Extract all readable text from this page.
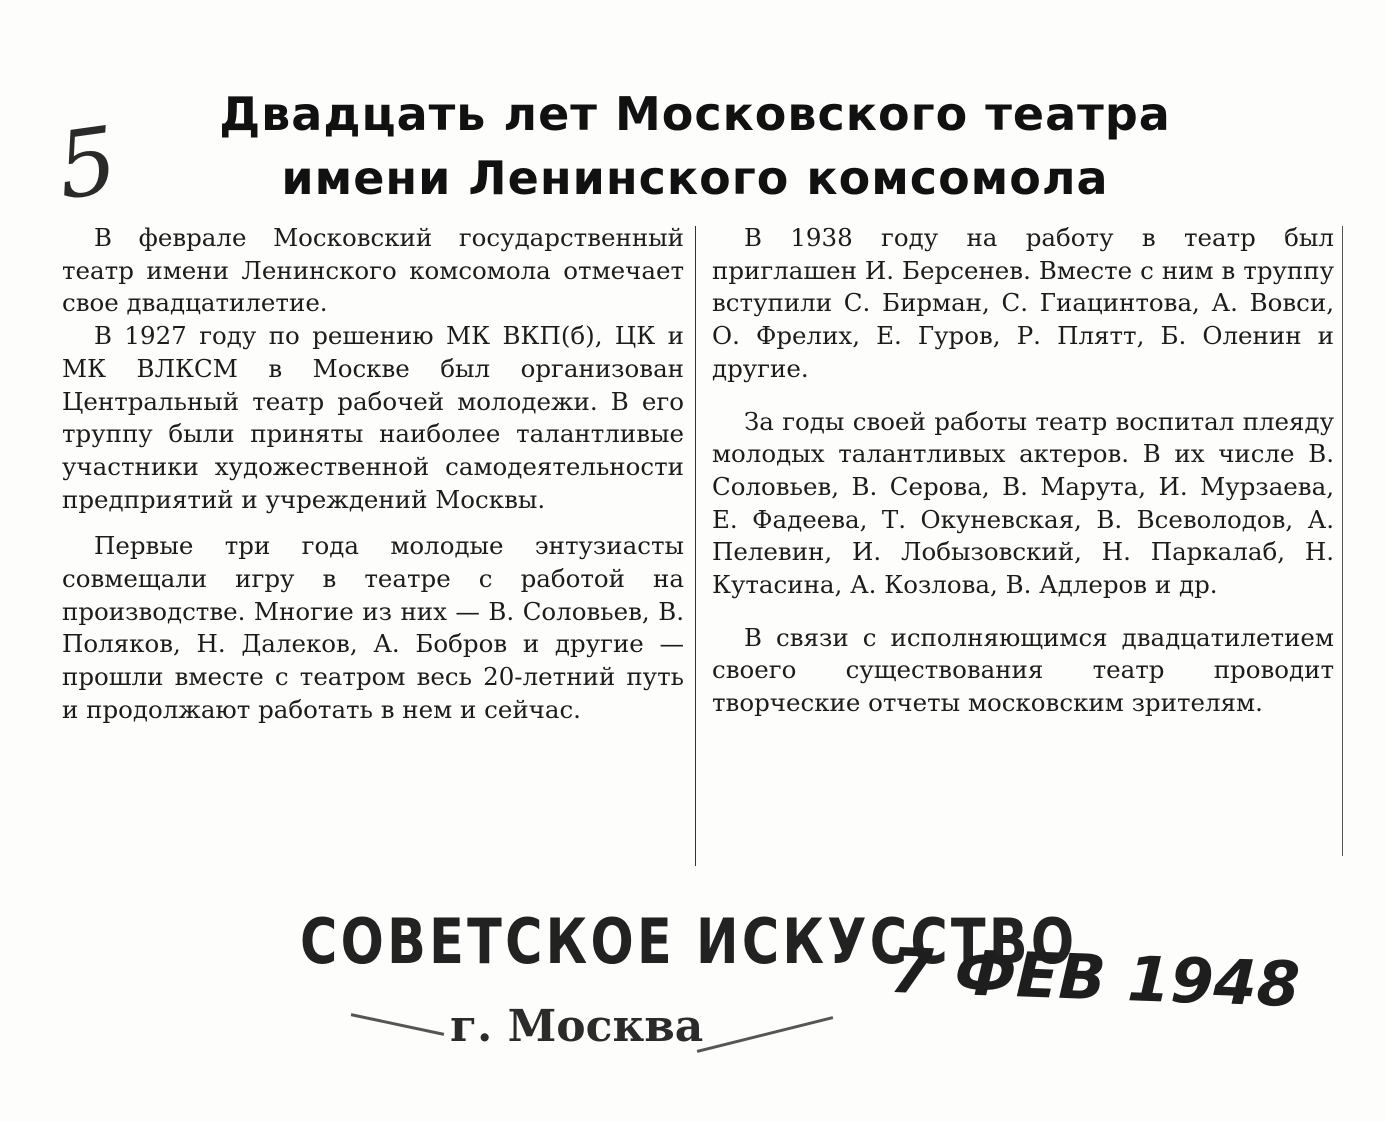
5	Двадцать лет Московского театра
имени Ленинского комсомола

В феврале Московский государственный театр имени Ленинского комсомола отмечает свое двадцатилетие.

В 1927 году по решению МК ВКП(б), ЦК и МК ВЛКСМ в Москве был организован Центральный театр рабочей молодежи. В его труппу были приняты наиболее талантливые участники художественной самодеятельности предприятий и учреждений Москвы.

Первые три года молодые энтузиасты совмещали игру в театре с работой на производстве. Многие из них — В. Соловьев, В. Поляков, Н. Далеков, А. Бобров и другие — прошли вместе с театром весь 20-летний путь и продолжают работать в нем и сейчас.

В 1938 году на работу в театр был приглашен И. Берсенев. Вместе с ним в труппу вступили С. Бирман, С. Гиацинтова, А. Вовси, О. Фрелих, Е. Гуров, Р. Плятт, Б. Оленин и другие.

За годы своей работы театр воспитал плеяду молодых талантливых актеров. В их числе В. Соловьев, В. Серова, В. Марута, И. Мурзаева, Е. Фадеева, Т. Окуневская, В. Всеволодов, А. Пелевин, И. Лобызовский, Н. Паркалаб, Н. Кутасина, А. Козлова, В. Адлеров и др.

В связи с исполняющимся двадцатилетием своего существования театр проводит творческие отчеты московским зрителям.

СОВЕТСКОЕ ИСКУССТВО
г. Москва
7 ФЕВ 1948
